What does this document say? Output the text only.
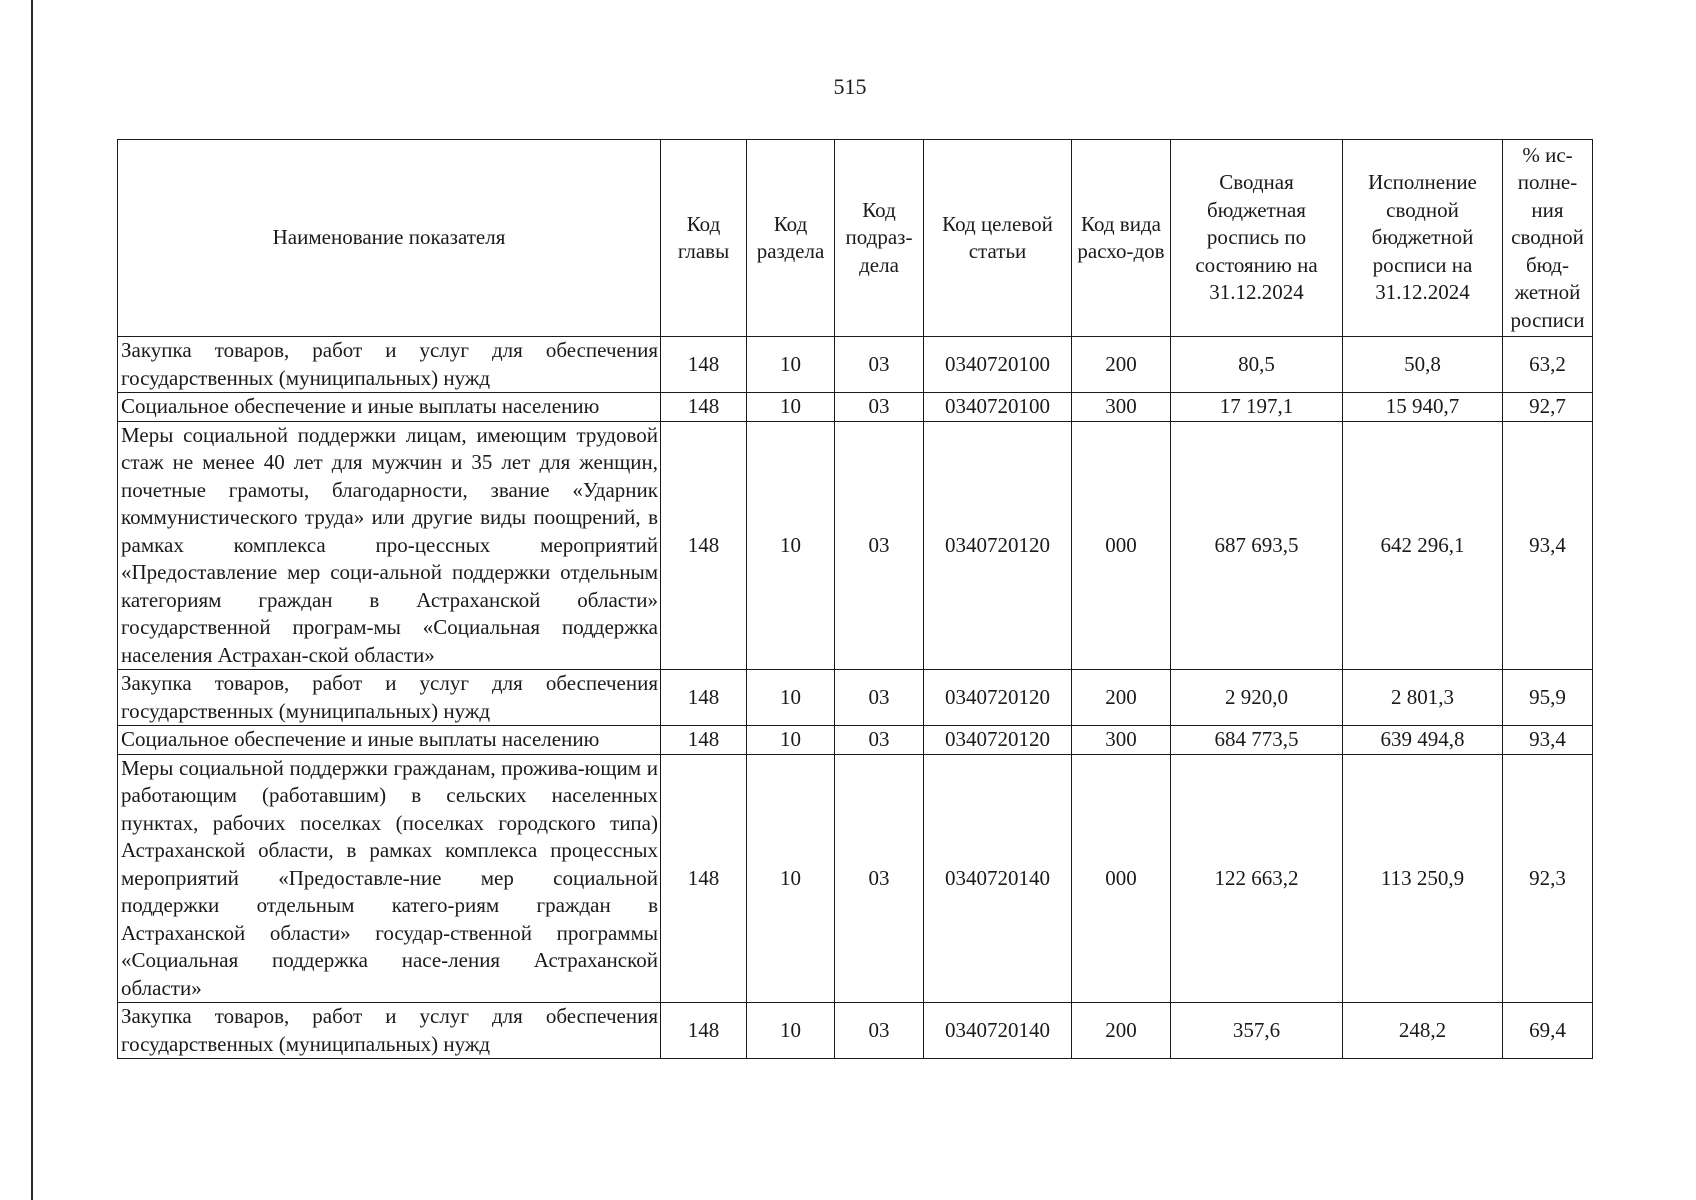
515
Наименование показателя	Код главы	Код раздела	Код подраз-дела	Код целевой статьи	Код вида расхо-дов	Сводная бюджетная роспись по состоянию на 31.12.2024	Исполнение сводной бюджетной росписи на 31.12.2024	% ис-полне-ния сводной бюд-жетной росписи
Закупка товаров, работ и услуг для обеспечения государственных (муниципальных) нужд	148	10	03	0340720100	200	80,5	50,8	63,2
Социальное обеспечение и иные выплаты населению	148	10	03	0340720100	300	17 197,1	15 940,7	92,7
Меры социальной поддержки лицам, имеющим трудовой стаж не менее 40 лет для мужчин и 35 лет для женщин, почетные грамоты, благодарности, звание «Ударник коммунистического труда» или другие виды поощрений, в рамках комплекса про-цессных мероприятий «Предоставление мер соци-альной поддержки отдельным категориям граждан в Астраханской области» государственной програм-мы «Социальная поддержка населения Астрахан-ской области»	148	10	03	0340720120	000	687 693,5	642 296,1	93,4
Закупка товаров, работ и услуг для обеспечения государственных (муниципальных) нужд	148	10	03	0340720120	200	2 920,0	2 801,3	95,9
Социальное обеспечение и иные выплаты населению	148	10	03	0340720120	300	684 773,5	639 494,8	93,4
Меры социальной поддержки гражданам, прожива-ющим и работающим (работавшим) в сельских населенных пунктах, рабочих поселках (поселках городского типа) Астраханской области, в рамках комплекса процессных мероприятий «Предоставле-ние мер социальной поддержки отдельным катего-риям граждан в Астраханской области» государ-ственной программы «Социальная поддержка насе-ления Астраханской области»	148	10	03	0340720140	000	122 663,2	113 250,9	92,3
Закупка товаров, работ и услуг для обеспечения государственных (муниципальных) нужд	148	10	03	0340720140	200	357,6	248,2	69,4
